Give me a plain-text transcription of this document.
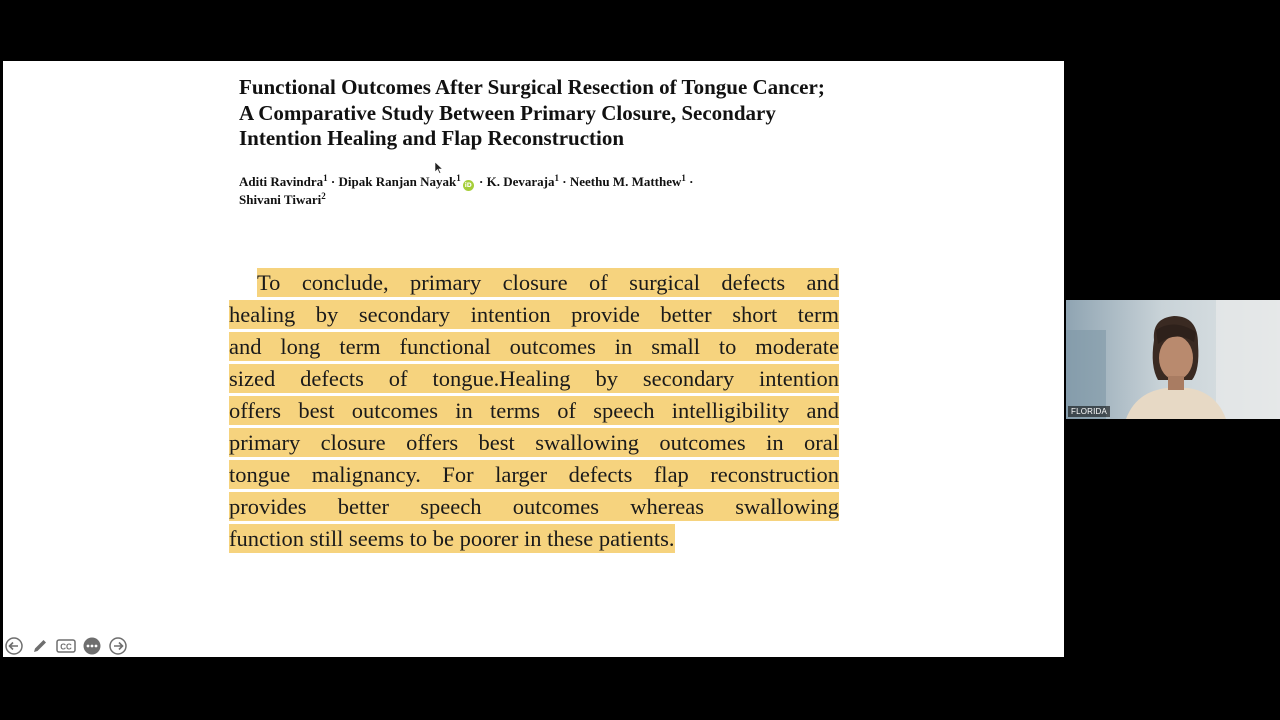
Functional Outcomes After Surgical Resection of Tongue Cancer;
A Comparative Study Between Primary Closure, Secondary
Intention Healing and Flap Reconstruction
Aditi Ravindra$^1$ · Dipak Ranjan Nayak$^1$iD · K. Devaraja$^1$ · Neethu M. Matthew$^1$ ·
Shivani Tiwari$^2$
To conclude, primary closure of surgical defects and
healing by secondary intention provide better short term
and long term functional outcomes in small to moderate
sized defects of tongue.Healing by secondary intention
offers best outcomes in terms of speech intelligibility and
primary closure offers best swallowing outcomes in oral
tongue malignancy. For larger defects flap reconstruction
provides better speech outcomes whereas swallowing
function still seems to be poorer in these patients.
CC
FLORIDA
